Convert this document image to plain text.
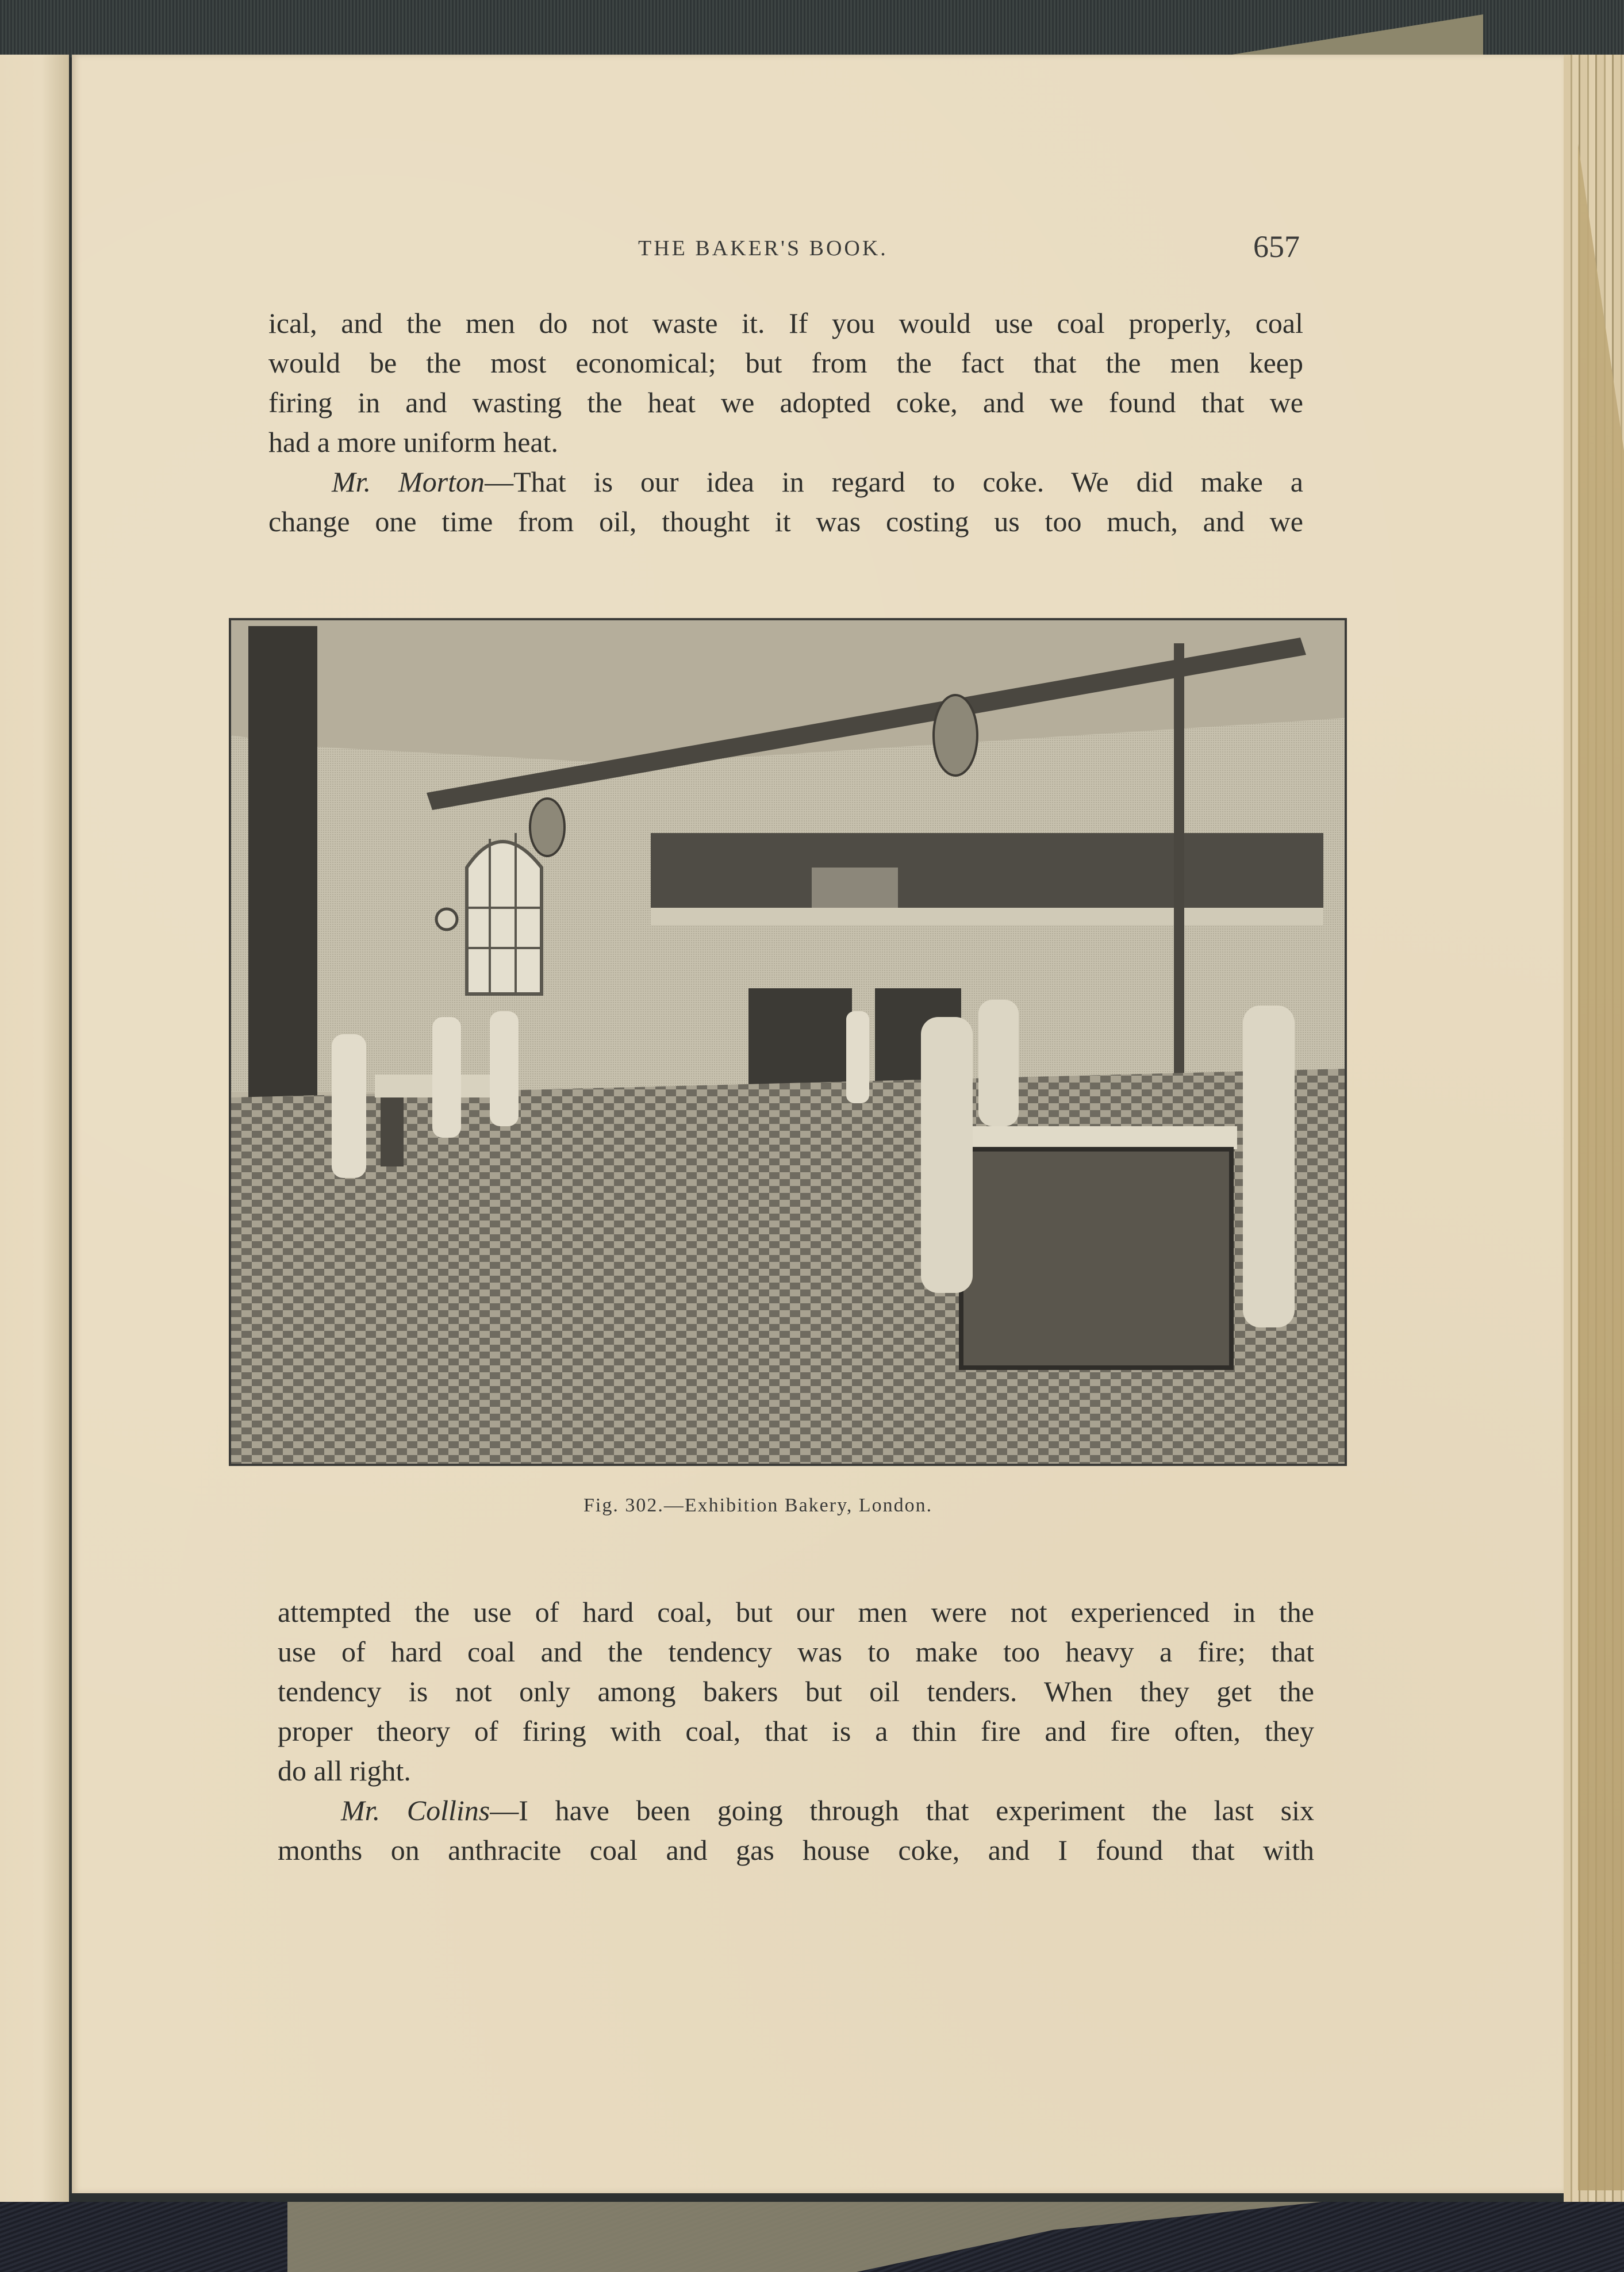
THE BAKER'S BOOK.	657
ical, and the men do not waste it. If you would use coal properly, coal
would be the most economical; but from the fact that the men keep
firing in and wasting the heat we adopted coke, and we found that we
had a more uniform heat.
Mr. Morton—That is our idea in regard to coke. We did make a
change one time from oil, thought it was costing us too much, and we
Fig. 302.—Exhibition Bakery, London.
attempted the use of hard coal, but our men were not experienced in the
use of hard coal and the tendency was to make too heavy a fire; that
tendency is not only among bakers but oil tenders. When they get the
proper theory of firing with coal, that is a thin fire and fire often, they
do all right.
Mr. Collins—I have been going through that experiment the last six
months on anthracite coal and gas house coke, and I found that with
